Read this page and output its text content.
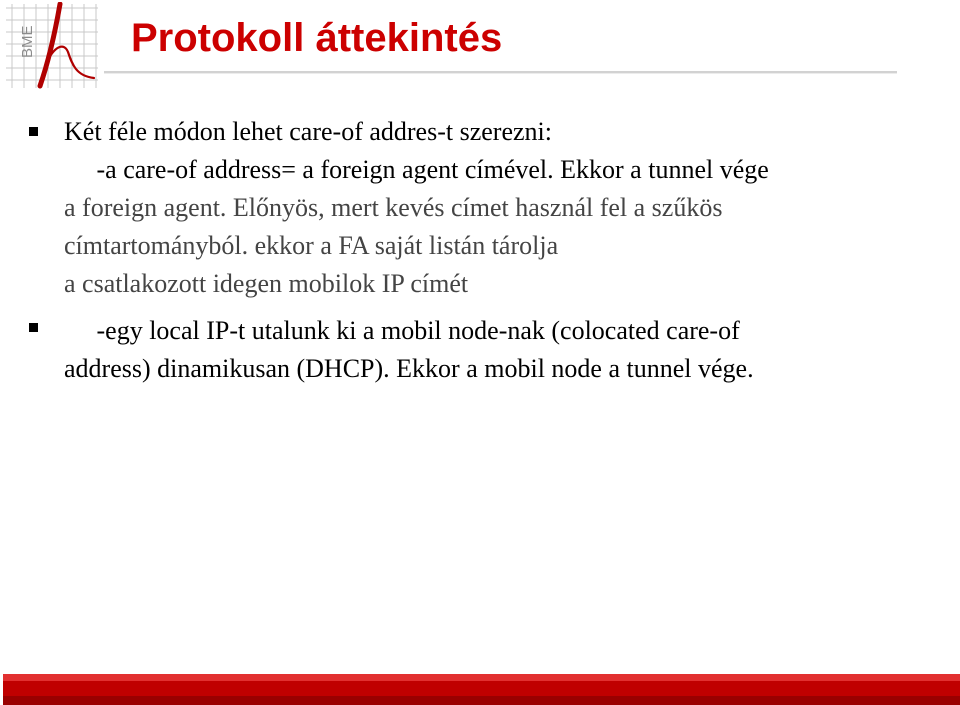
BME Protokoll áttekintés

Két féle módon lehet care-of addres-t szerezni:
-a care-of address= a foreign agent címével. Ekkor a tunnel vége
a foreign agent. Előnyös, mert kevés címet használ fel a szűkös
címtartományból. ekkor a FA saját listán tárolja
a csatlakozott idegen mobilok IP címét

-egy local IP-t utalunk ki a mobil node-nak (colocated care-of
address) dinamikusan (DHCP). Ekkor a mobil node a tunnel vége.
